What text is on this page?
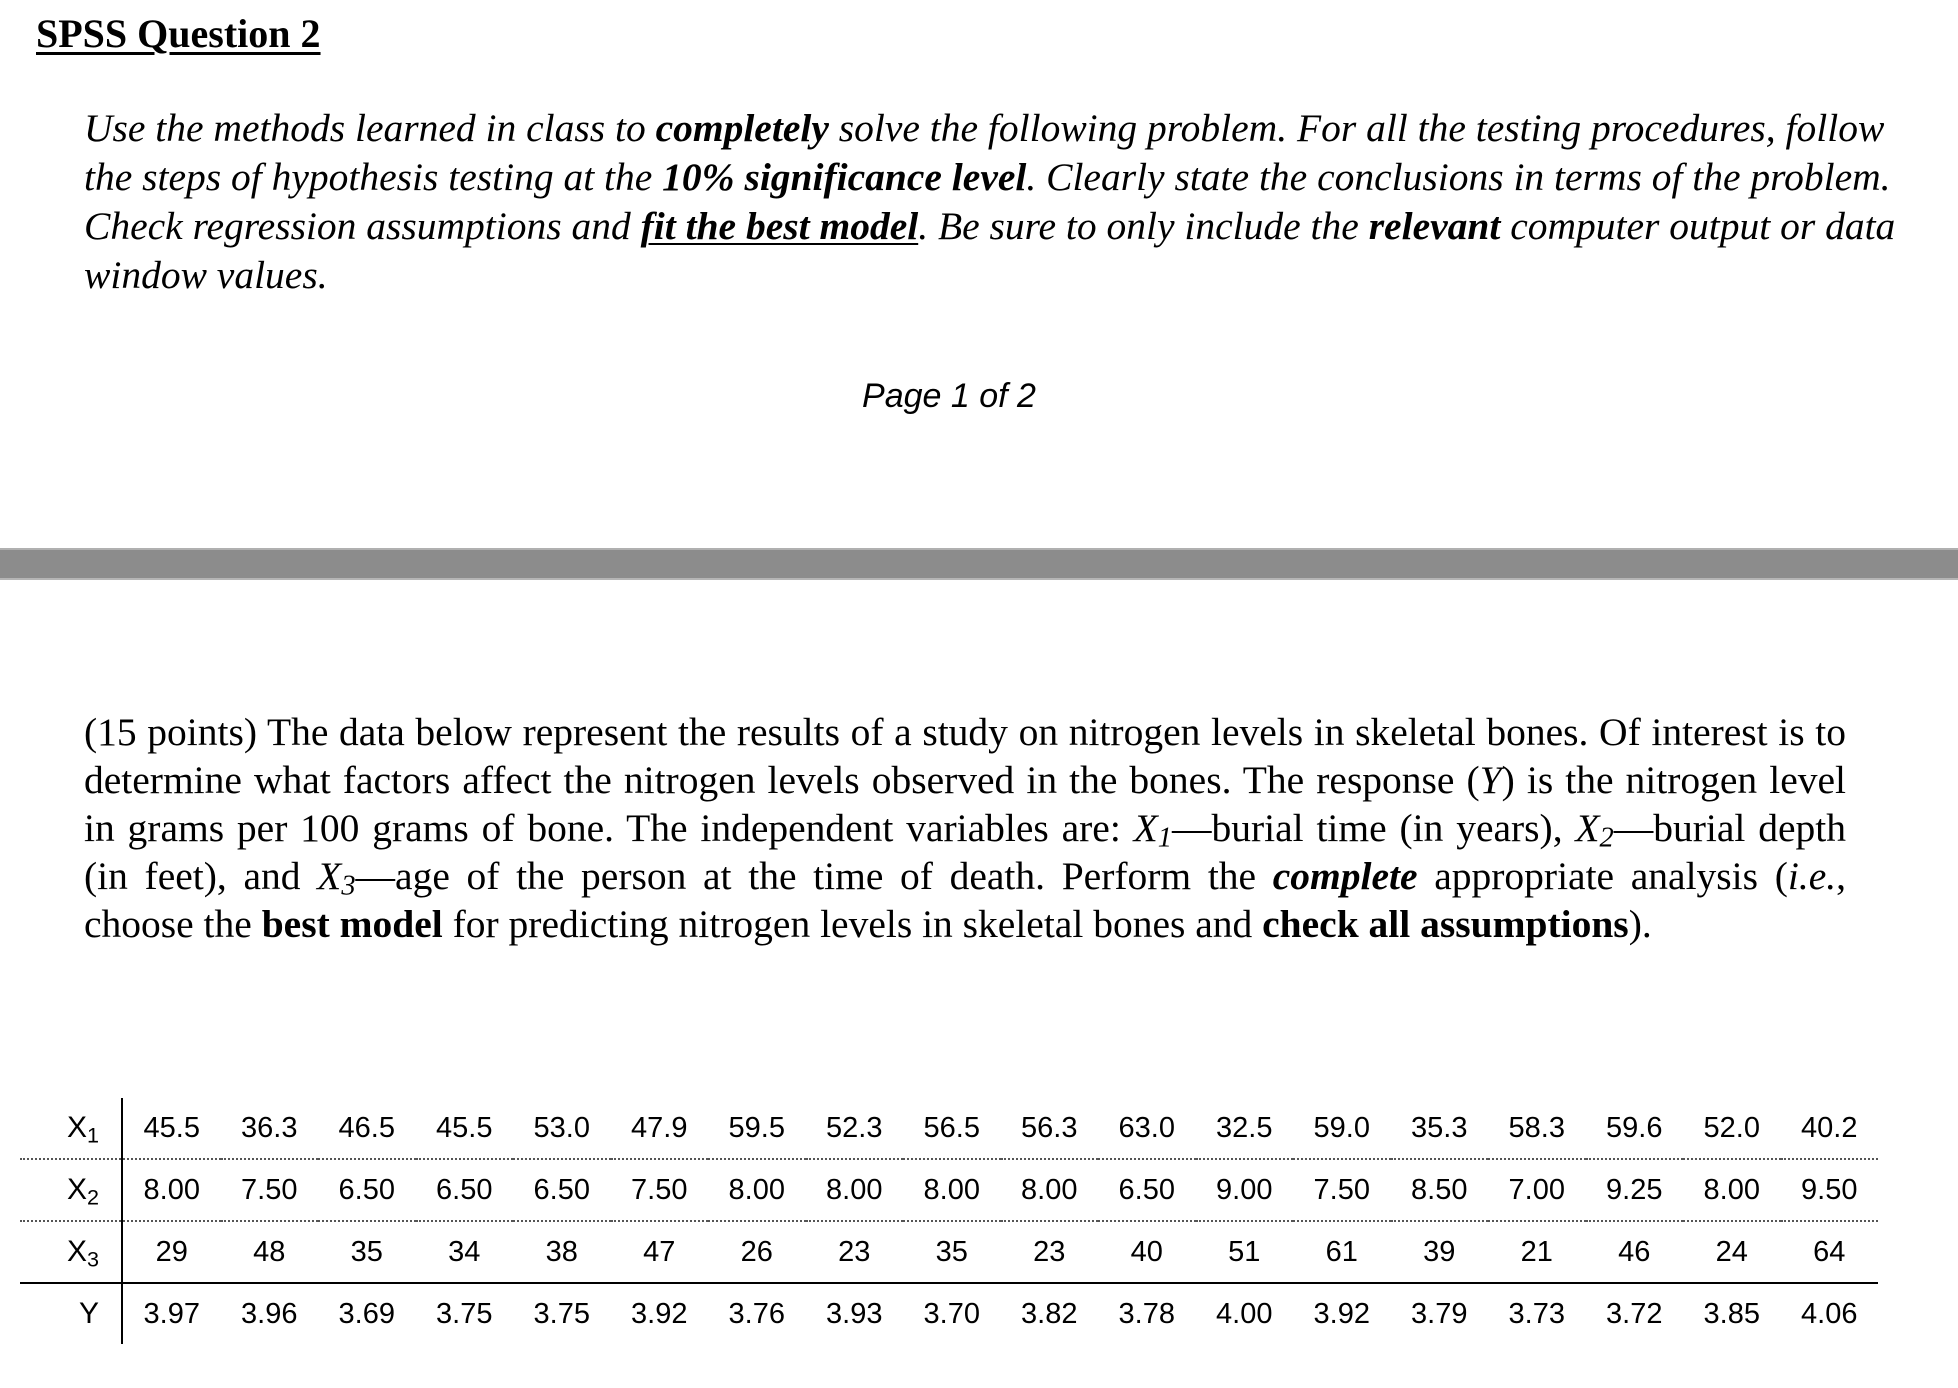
SPSS Question 2

Use the methods learned in class to completely solve the following problem. For all the testing procedures, follow the steps of hypothesis testing at the 10% significance level. Clearly state the conclusions in terms of the problem. Check regression assumptions and fit the best model. Be sure to only include the relevant computer output or data window values.

Page 1 of 2

(15 points) The data below represent the results of a study on nitrogen levels in skeletal bones. Of interest is to determine what factors affect the nitrogen levels observed in the bones. The response (Y) is the nitrogen level in grams per 100 grams of bone. The independent variables are: $X_1—burial$ time (in years), $X_2—burial$ depth (in feet), and $X_3—age$ of the person at the time of death. Perform the complete appropriate analysis (i.e., choose the best model for predicting nitrogen levels in skeletal bones and check all assumptions).

$X_1$	45.5	36.3	46.5	45.5	53.0	47.9	59.5	52.3	56.5	56.3	63.0	32.5	59.0	35.3	58.3	59.6	52.0	40.2
$X_2$	8.00	7.50	6.50	6.50	6.50	7.50	8.00	8.00	8.00	8.00	6.50	9.00	7.50	8.50	7.00	9.25	8.00	9.50
$X_3$	29	48	35	34	38	47	26	23	35	23	40	51	61	39	21	46	24	64
Y	3.97	3.96	3.69	3.75	3.75	3.92	3.76	3.93	3.70	3.82	3.78	4.00	3.92	3.79	3.73	3.72	3.85	4.06
